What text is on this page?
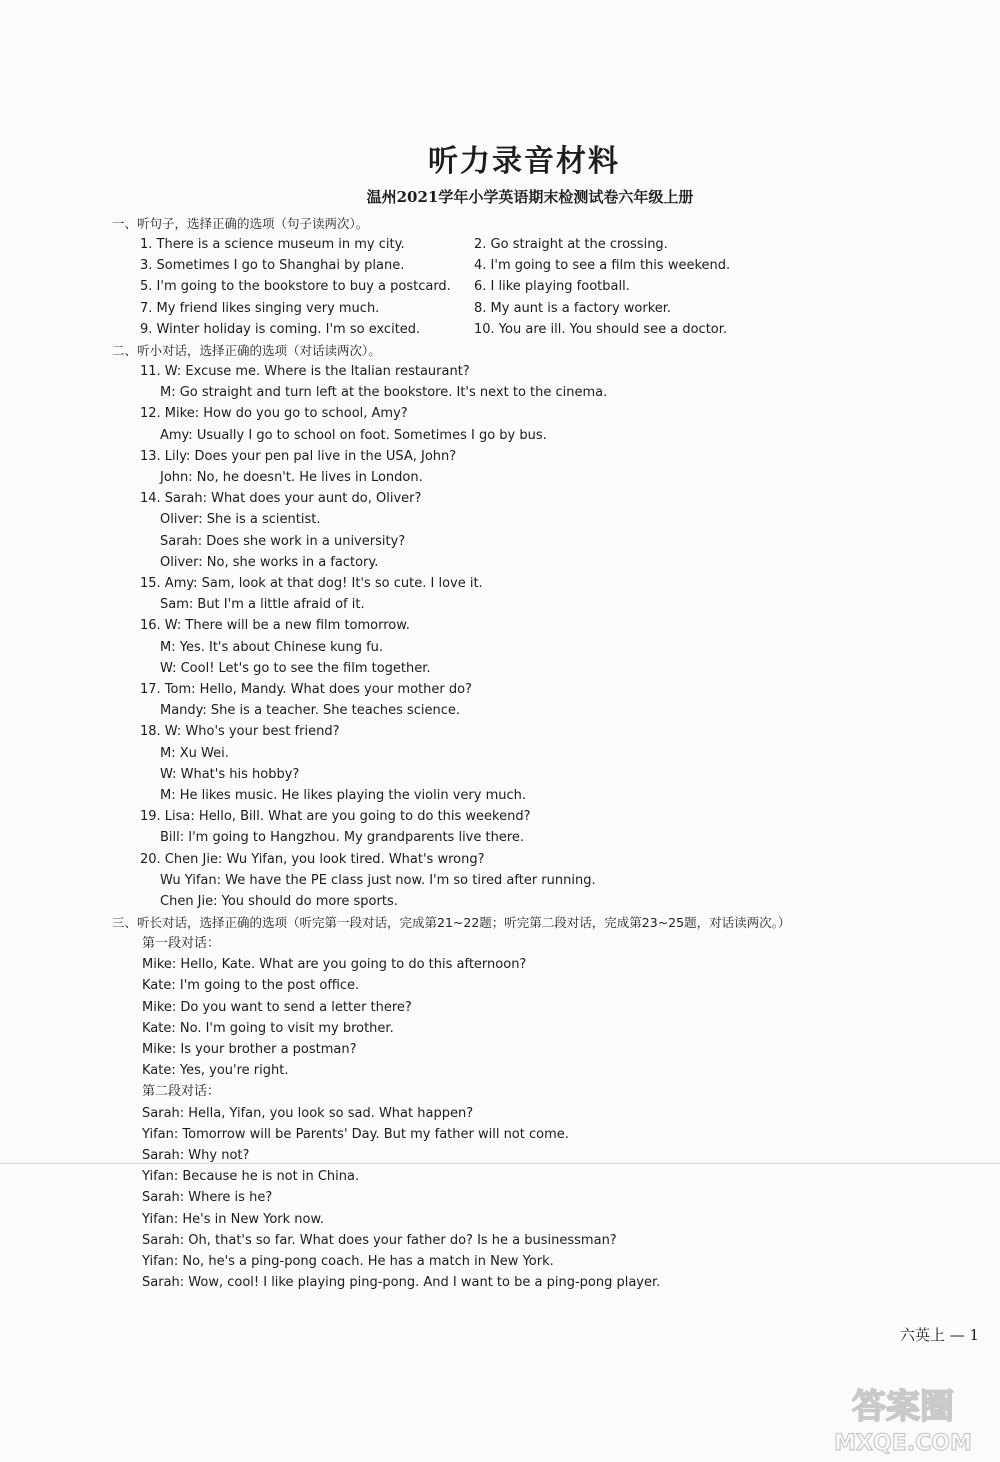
听力录音材料
温州2021学年小学英语期末检测试卷六年级上册
一、听句子，选择正确的选项（句子读两次）。
1. There is a science museum in my city.
3. Sometimes I go to Shanghai by plane.
5. I'm going to the bookstore to buy a postcard.
7. My friend likes singing very much.
9. Winter holiday is coming. I'm so excited.
2. Go straight at the crossing.
4. I'm going to see a film this weekend.
6. I like playing football.
8. My aunt is a factory worker.
10. You are ill. You should see a doctor.
二、听小对话，选择正确的选项（对话读两次）。
11. W: Excuse me. Where is the Italian restaurant?
M: Go straight and turn left at the bookstore. It's next to the cinema.
12. Mike: How do you go to school, Amy?
Amy: Usually I go to school on foot. Sometimes I go by bus.
13. Lily: Does your pen pal live in the USA, John?
John: No, he doesn't. He lives in London.
14. Sarah: What does your aunt do, Oliver?
Oliver: She is a scientist.
Sarah: Does she work in a university?
Oliver: No, she works in a factory.
15. Amy: Sam, look at that dog! It's so cute. I love it.
Sam: But I'm a little afraid of it.
16. W: There will be a new film tomorrow.
M: Yes. It's about Chinese kung fu.
W: Cool! Let's go to see the film together.
17. Tom: Hello, Mandy. What does your mother do?
Mandy: She is a teacher. She teaches science.
18. W: Who's your best friend?
M: Xu Wei.
W: What's his hobby?
M: He likes music. He likes playing the violin very much.
19. Lisa: Hello, Bill. What are you going to do this weekend?
Bill: I'm going to Hangzhou. My grandparents live there.
20. Chen Jie: Wu Yifan, you look tired. What's wrong?
Wu Yifan: We have the PE class just now. I'm so tired after running.
Chen Jie: You should do more sports.
三、听长对话，选择正确的选项（听完第一段对话，完成第21~22题；听完第二段对话，完成第23~25题，对话读两次。）
第一段对话：
Mike: Hello, Kate. What are you going to do this afternoon?
Kate: I'm going to the post office.
Mike: Do you want to send a letter there?
Kate: No. I'm going to visit my brother.
Mike: Is your brother a postman?
Kate: Yes, you're right.
第二段对话：
Sarah: Hella, Yifan, you look so sad. What happen?
Yifan: Tomorrow will be Parents' Day. But my father will not come.
Sarah: Why not?
Yifan: Because he is not in China.
Sarah: Where is he?
Yifan: He's in New York now.
Sarah: Oh, that's so far. What does your father do? Is he a businessman?
Yifan: No, he's a ping-pong coach. He has a match in New York.
Sarah: Wow, cool! I like playing ping-pong. And I want to be a ping-pong player.
六英上 — 1
答案圈
MXQE.COM
